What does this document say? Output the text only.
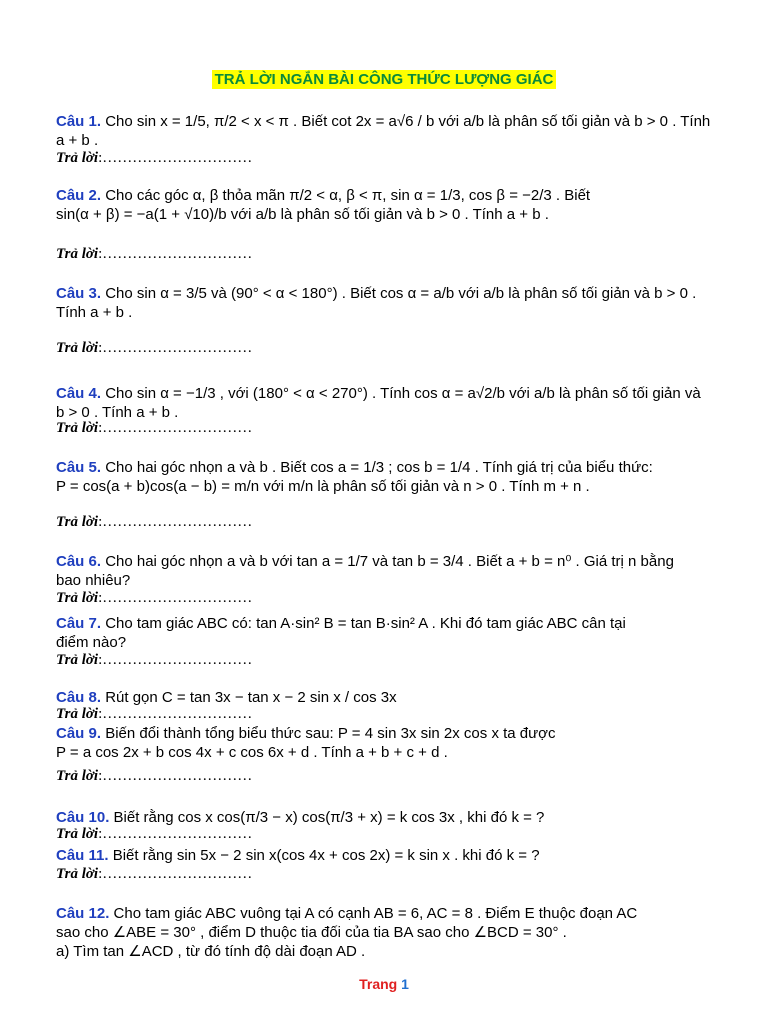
TRẢ LỜI NGẮN BÀI CÔNG THỨC LƯỢNG GIÁC
Câu 1. Cho sin x = 1/5, π/2 < x < π . Biết cot 2x = a√6 / b với a/b là phân số tối giản và b > 0 . Tính
a + b .
Trả lời:…………………………
Câu 2. Cho các góc α, β thỏa mãn π/2 < α, β < π, sin α = 1/3, cos β = −2/3 . Biết
sin(α + β) = −a(1 + √10)/b với a/b là phân số tối giản và b > 0 . Tính a + b .
Trả lời:…………………………
Câu 3. Cho sin α = 3/5 và (90° < α < 180°) . Biết cos α = a/b với a/b là phân số tối giản và b > 0 .
Tính a + b .
Trả lời:…………………………
Câu 4. Cho sin α = −1/3 , với (180° < α < 270°) . Tính cos α = a√2/b với a/b là phân số tối giản và
b > 0 . Tính a + b .
Trả lời:…………………………
Câu 5. Cho hai góc nhọn a và b . Biết cos a = 1/3 ; cos b = 1/4 . Tính giá trị của biểu thức:
P = cos(a + b)cos(a − b) = m/n với m/n là phân số tối giản và n > 0 . Tính m + n .
Trả lời:…………………………
Câu 6. Cho hai góc nhọn a và b với tan a = 1/7 và tan b = 3/4 . Biết a + b = n⁰ . Giá trị n bằng
bao nhiêu?
Trả lời:…………………………
Câu 7. Cho tam giác ABC có: tan A·sin² B = tan B·sin² A . Khi đó tam giác ABC cân tại
điểm nào?
Trả lời:…………………………
Câu 8. Rút gọn C = tan 3x − tan x − 2 sin x / cos 3x
Trả lời:…………………………
Câu 9. Biến đổi thành tổng biểu thức sau: P = 4 sin 3x sin 2x cos x ta được
P = a cos 2x + b cos 4x + c cos 6x + d . Tính a + b + c + d .
Trả lời:…………………………
Câu 10. Biết rằng cos x cos(π/3 − x) cos(π/3 + x) = k cos 3x , khi đó k = ?
Trả lời:…………………………
Câu 11. Biết rằng sin 5x − 2 sin x(cos 4x + cos 2x) = k sin x . khi đó k = ?
Trả lời:…………………………
Câu 12. Cho tam giác ABC vuông tại A có cạnh AB = 6, AC = 8 . Điểm E thuộc đoạn AC
sao cho ∠ABE = 30° , điểm D thuộc tia đối của tia BA sao cho ∠BCD = 30° .
a) Tìm tan ∠ACD , từ đó tính độ dài đoạn AD .
Trang 1
